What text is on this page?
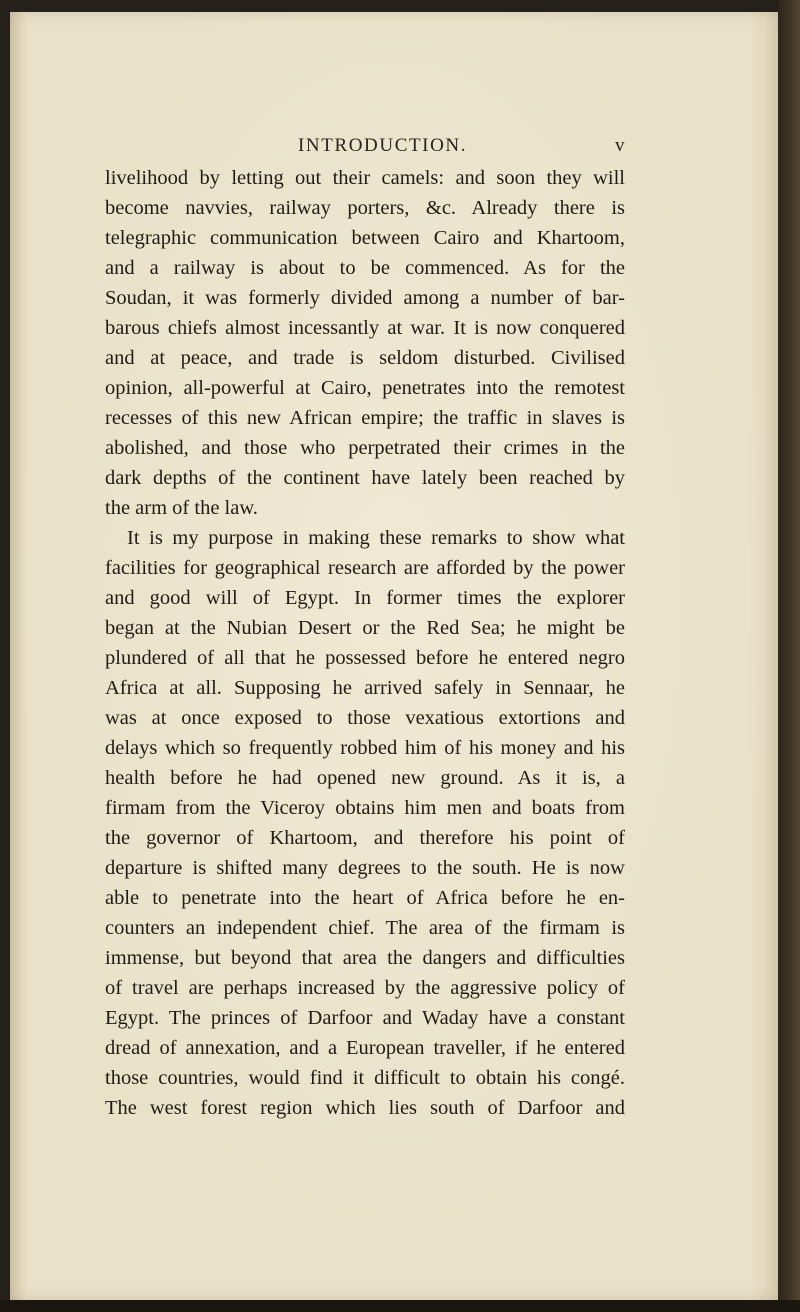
INTRODUCTION.	v
livelihood by letting out their camels: and soon they will
become navvies, railway porters, &c. Already there is
telegraphic communication between Cairo and Khartoom,
and a railway is about to be commenced. As for the
Soudan, it was formerly divided among a number of bar-
barous chiefs almost incessantly at war. It is now conquered
and at peace, and trade is seldom disturbed. Civilised
opinion, all-powerful at Cairo, penetrates into the remotest
recesses of this new African empire; the traffic in slaves is
abolished, and those who perpetrated their crimes in the
dark depths of the continent have lately been reached by
the arm of the law.
It is my purpose in making these remarks to show what
facilities for geographical research are afforded by the power
and good will of Egypt. In former times the explorer
began at the Nubian Desert or the Red Sea; he might be
plundered of all that he possessed before he entered negro
Africa at all. Supposing he arrived safely in Sennaar, he
was at once exposed to those vexatious extortions and
delays which so frequently robbed him of his money and his
health before he had opened new ground. As it is, a
firmam from the Viceroy obtains him men and boats from
the governor of Khartoom, and therefore his point of
departure is shifted many degrees to the south. He is now
able to penetrate into the heart of Africa before he en-
counters an independent chief. The area of the firmam is
immense, but beyond that area the dangers and difficulties
of travel are perhaps increased by the aggressive policy of
Egypt. The princes of Darfoor and Waday have a constant
dread of annexation, and a European traveller, if he entered
those countries, would find it difficult to obtain his congé.
The west forest region which lies south of Darfoor and
